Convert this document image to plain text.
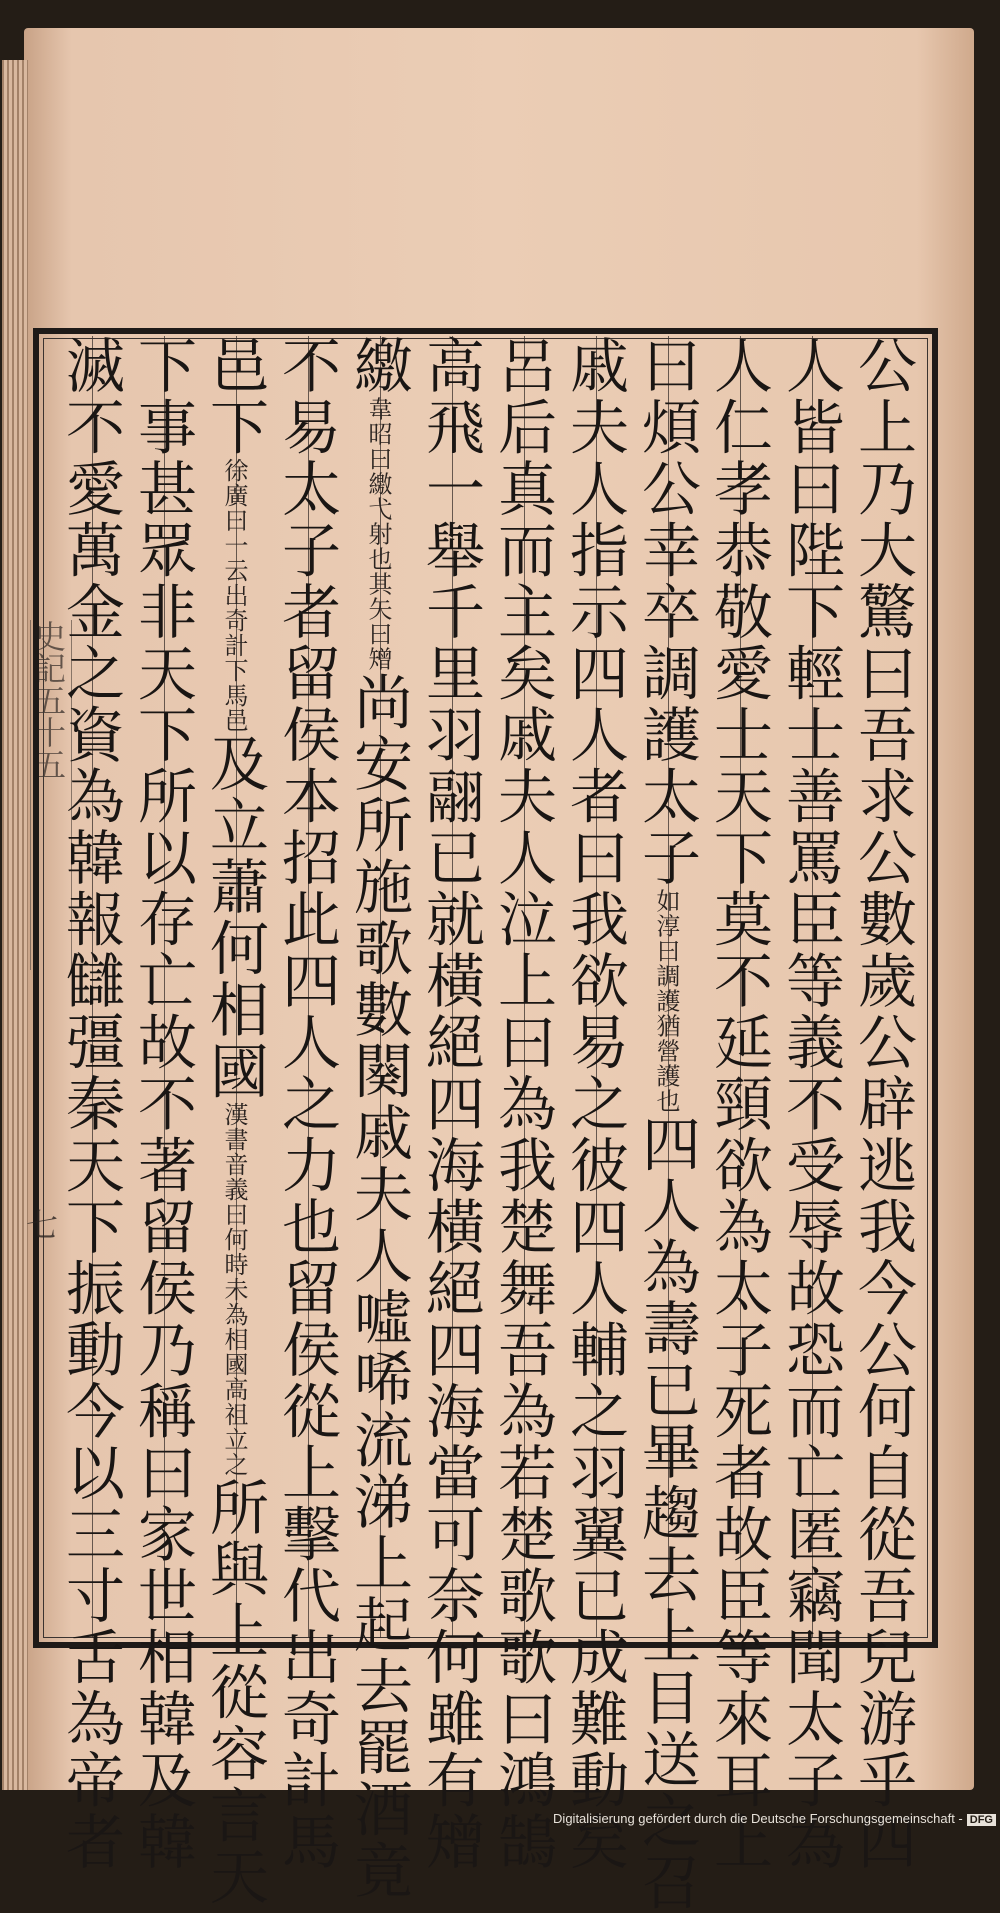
史記五十五	公上乃大驚曰吾求公數歲公辟逃我今公何自從吾兒游乎四
人皆曰陛下輕士善罵臣等義不受辱故恐而亡匿竊聞太子為
人仁孝恭敬愛士天下莫不延頸欲為太子死者故臣等來耳上
曰煩公幸卒調護太子如淳曰調護猶營護也四人為壽已畢趨去上目送之召
戚夫人指示四人者曰我欲易之彼四人輔之羽翼已成難動矣
呂后真而主矣戚夫人泣上曰為我楚舞吾為若楚歌歌曰鴻鵠
高飛一舉千里羽翮已就橫絕四海橫絕四海當可奈何雖有矰
繳韋昭曰繳弋射也其矢曰矰尚安所施歌數闋戚夫人噓唏流涕上起去罷酒竟
不易太子者留侯本招此四人之力也留侯從上擊代出奇計馬
邑下徐廣曰一云出奇計下馬邑及立蕭何相國漢書音義曰何時未為相國高祖立之所與上從容言天
下事甚眾非天下所以存亡故不著留侯乃稱曰家世相韓及韓
滅不愛萬金之資為韓報讎彊秦天下振動今以三寸舌為帝者
七
Digitalisierung gefördert durch die Deutsche Forschungsgemeinschaft - DFG
